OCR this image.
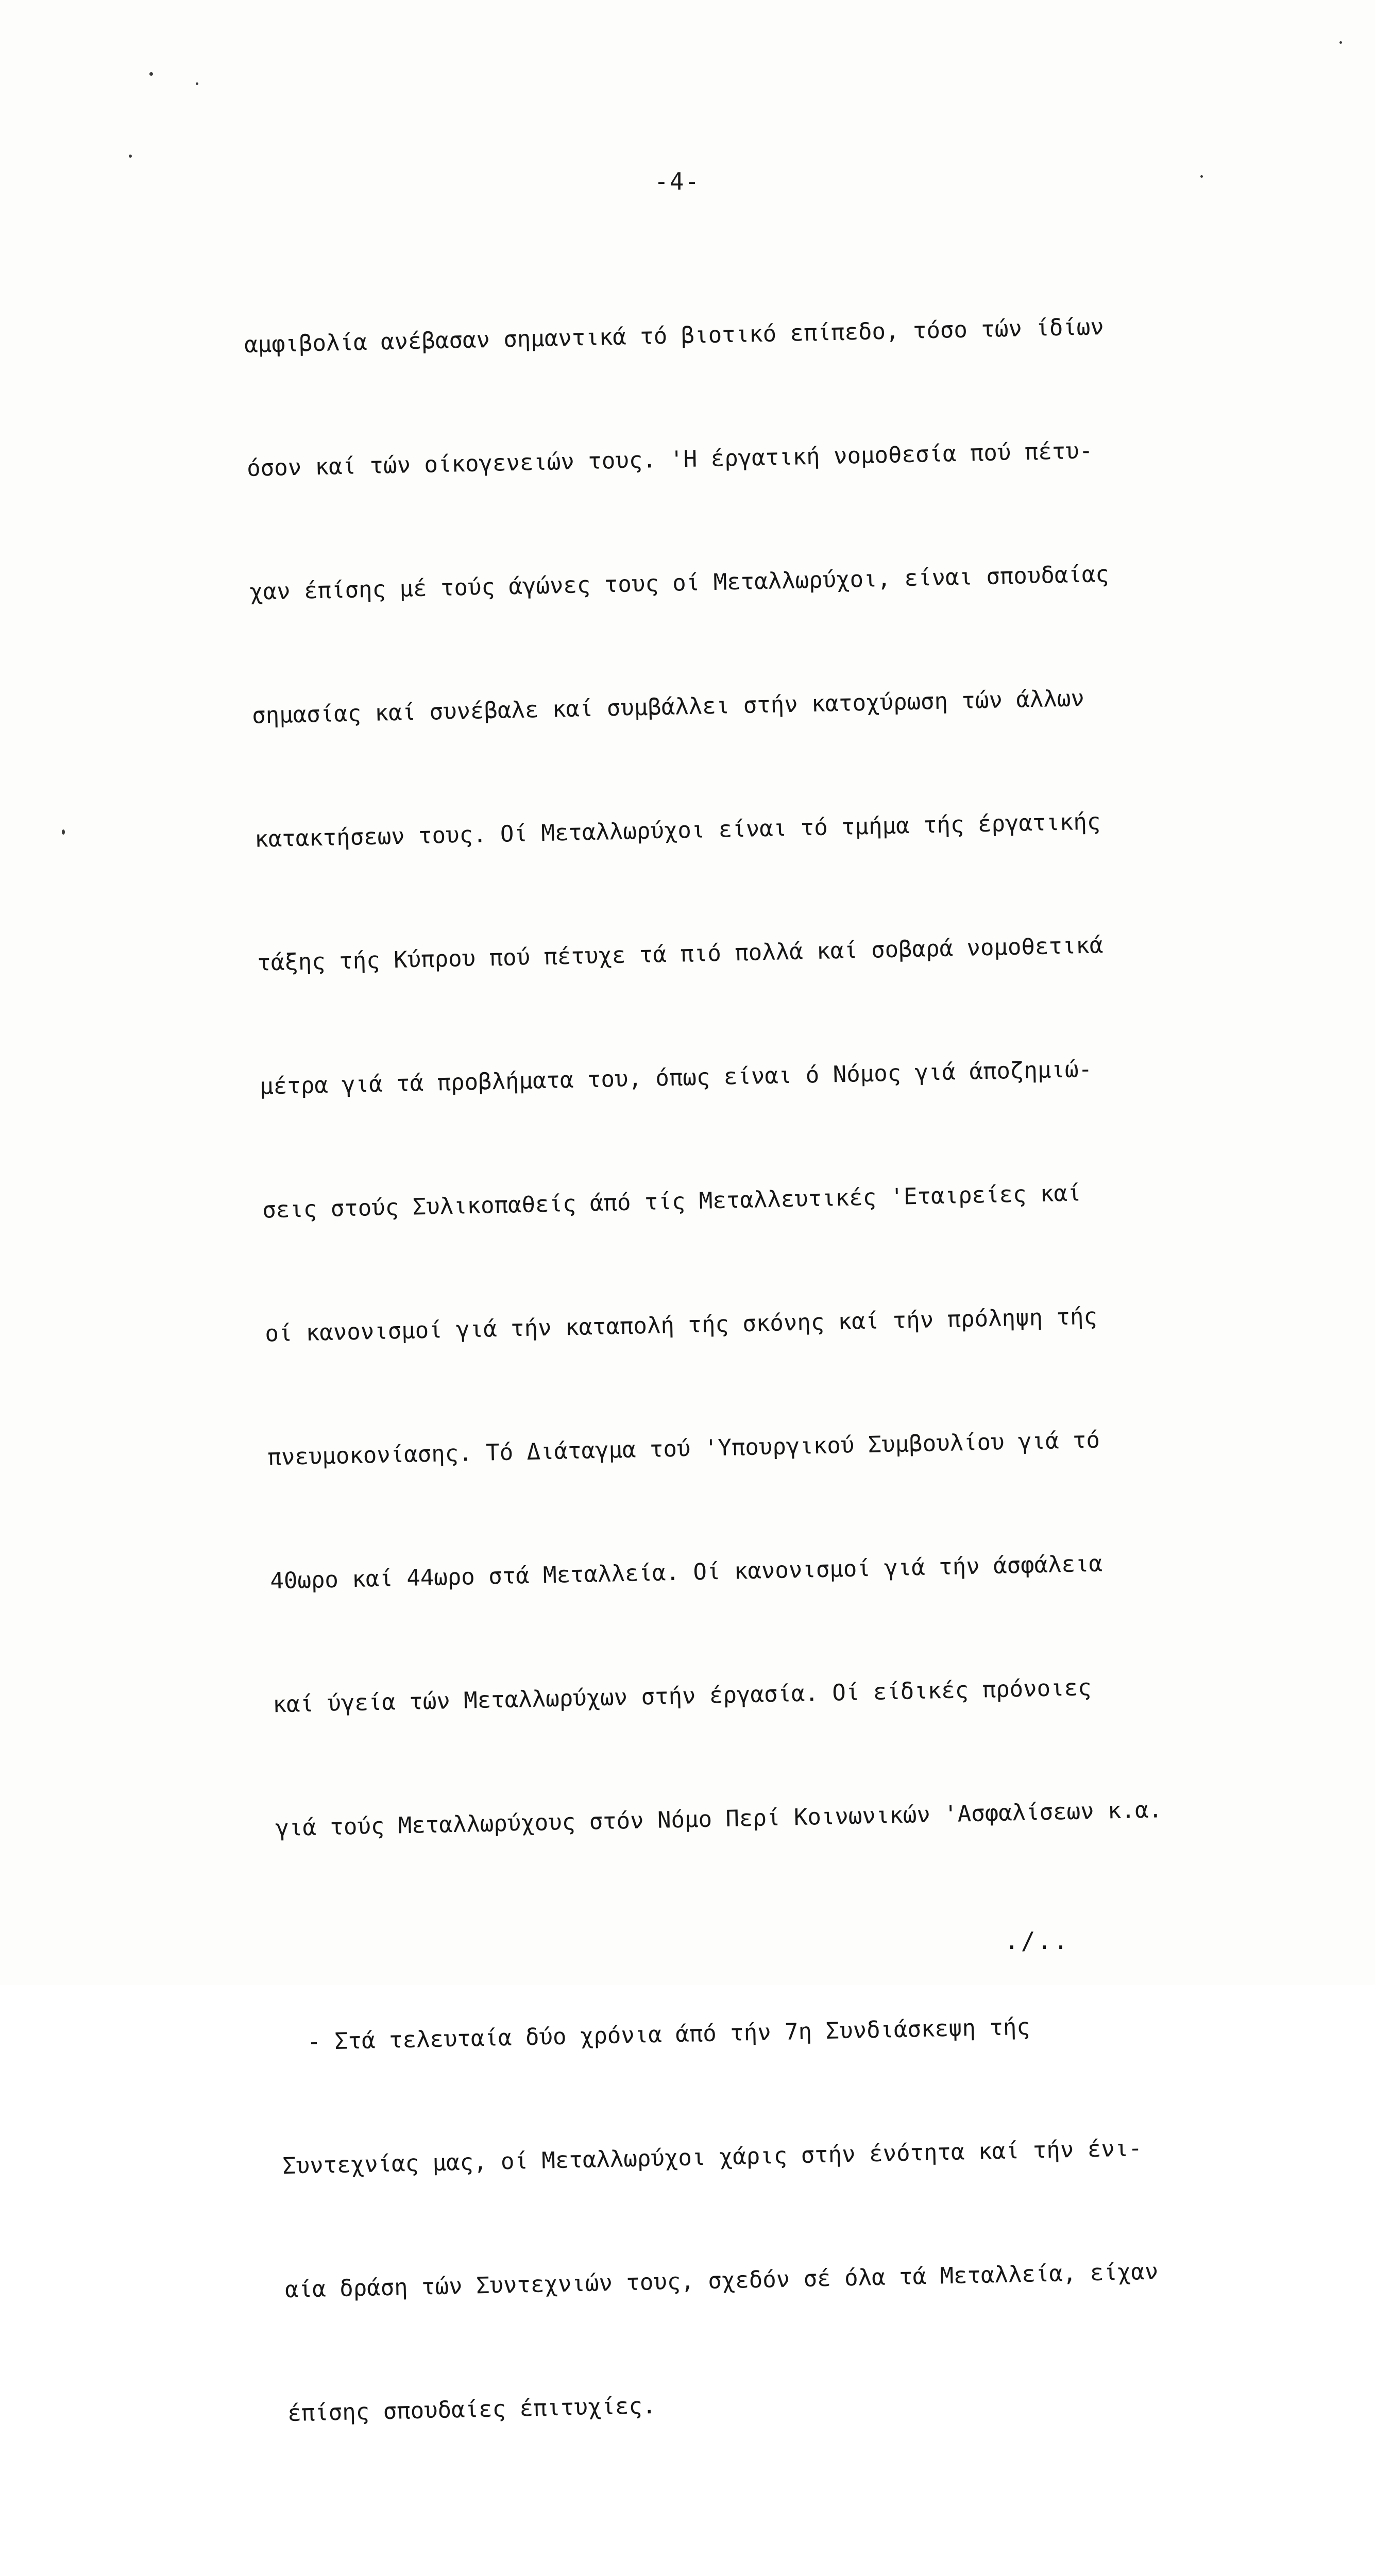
-4-

αμφιβολία ανέβασαν σημαντικά τό βιοτικό επίπεδο, τόσο τών ίδίων

όσον καί τών οίκογενειών τους. 'Η έργατική νομοθεσία πού πέτυ-

χαν έπίσης μέ τούς άγώνες τους οί Μεταλλωρύχοι, είναι σπουδαίας

σημασίας καί συνέβαλε καί συμβάλλει στήν κατοχύρωση τών άλλων

κατακτήσεων τους. Οί Μεταλλωρύχοι είναι τό τμήμα τής έργατικής

τάξης τής Κύπρου πού πέτυχε τά πιό πολλά καί σοβαρά νομοθετικά

μέτρα γιά τά προβλήματα του, όπως είναι ό Νόμος γιά άποζημιώ-

σεις στούς Συλικοπαθείς άπό τίς Μεταλλευτικές 'Εταιρείες καί

οί κανονισμοί γιά τήν καταπολή τής σκόνης καί τήν πρόληψη τής

πνευμοκονίασης. Τό Διάταγμα τού 'Υπουργικού Συμβουλίου γιά τό

40ωρο καί 44ωρο στά Μεταλλεία. Οί κανονισμοί γιά τήν άσφάλεια

καί ύγεία τών Μεταλλωρύχων στήν έργασία. Οί είδικές πρόνοιες

γιά τούς Μεταλλωρύχους στόν Νόμο Περί Κοινωνικών 'Ασφαλίσεων κ.α.

- Στά τελευταία δύο χρόνια άπό τήν 7η Συνδιάσκεψη τής

Συντεχνίας μας, οί Μεταλλωρύχοι χάρις στήν ένότητα καί τήν ένι-

αία δράση τών Συντεχνιών τους, σχεδόν σέ όλα τά Μεταλλεία, είχαν

έπίσης σπουδαίες έπιτυχίες.

./..
